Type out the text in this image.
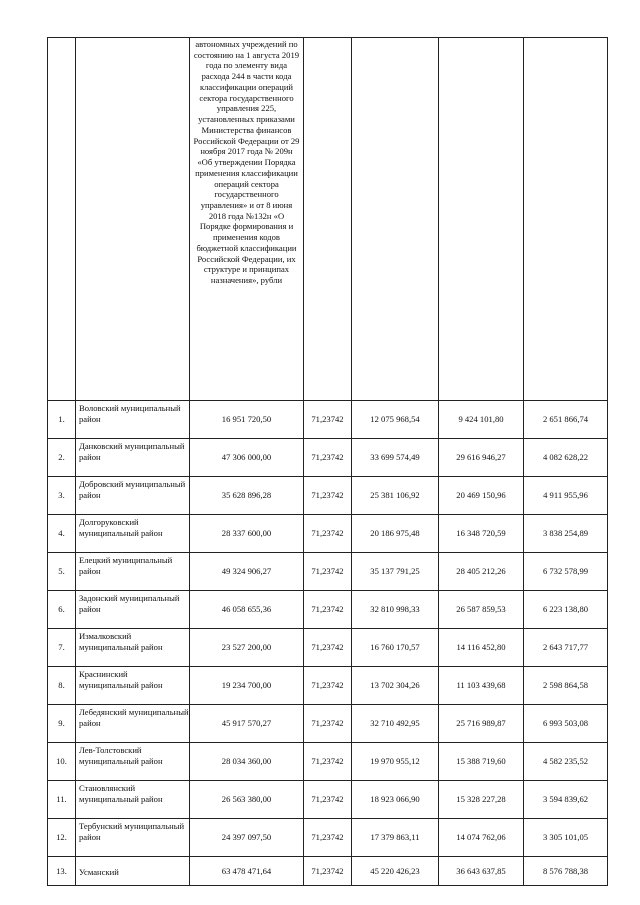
		автономных учреждений по состоянию на 1 августа 2019 года по элементу вида расхода 244 в части кода классификации операций сектора государственного управления 225, установленных приказами Министерства финансов Российской Федерации от 29 ноября 2017 года № 209н «Об утверждении Порядка применения классификации операций сектора государственного управления» и от 8 июня 2018 года №132н «О Порядке формирования и применения кодов бюджетной классификации Российской Федерации, их структуре и принципах назначения», рубли				
1.	Воловский муниципальный район	16 951 720,50	71,23742	12 075 968,54	9 424 101,80	2 651 866,74
2.	Данковский муниципальный район	47 306 000,00	71,23742	33 699 574,49	29 616 946,27	4 082 628,22
3.	Добровский муниципальный район	35 628 896,28	71,23742	25 381 106,92	20 469 150,96	4 911 955,96
4.	Долгоруковский муниципальный район	28 337 600,00	71,23742	20 186 975,48	16 348 720,59	3 838 254,89
5.	Елецкий муниципальный район	49 324 906,27	71,23742	35 137 791,25	28 405 212,26	6 732 578,99
6.	Задонский муниципальный район	46 058 655,36	71,23742	32 810 998,33	26 587 859,53	6 223 138,80
7.	Измалковский муниципальный район	23 527 200,00	71,23742	16 760 170,57	14 116 452,80	2 643 717,77
8.	Краснинский муниципальный район	19 234 700,00	71,23742	13 702 304,26	11 103 439,68	2 598 864,58
9.	Лебедянский муниципальный район	45 917 570,27	71,23742	32 710 492,95	25 716 989,87	6 993 503,08
10.	Лев-Толстовский муниципальный район	28 034 360,00	71,23742	19 970 955,12	15 388 719,60	4 582 235,52
11.	Становлянский муниципальный район	26 563 380,00	71,23742	18 923 066,90	15 328 227,28	3 594 839,62
12.	Тербунский муниципальный район	24 397 097,50	71,23742	17 379 863,11	14 074 762,06	3 305 101,05
13.	Усманский	63 478 471,64	71,23742	45 220 426,23	36 643 637,85	8 576 788,38
